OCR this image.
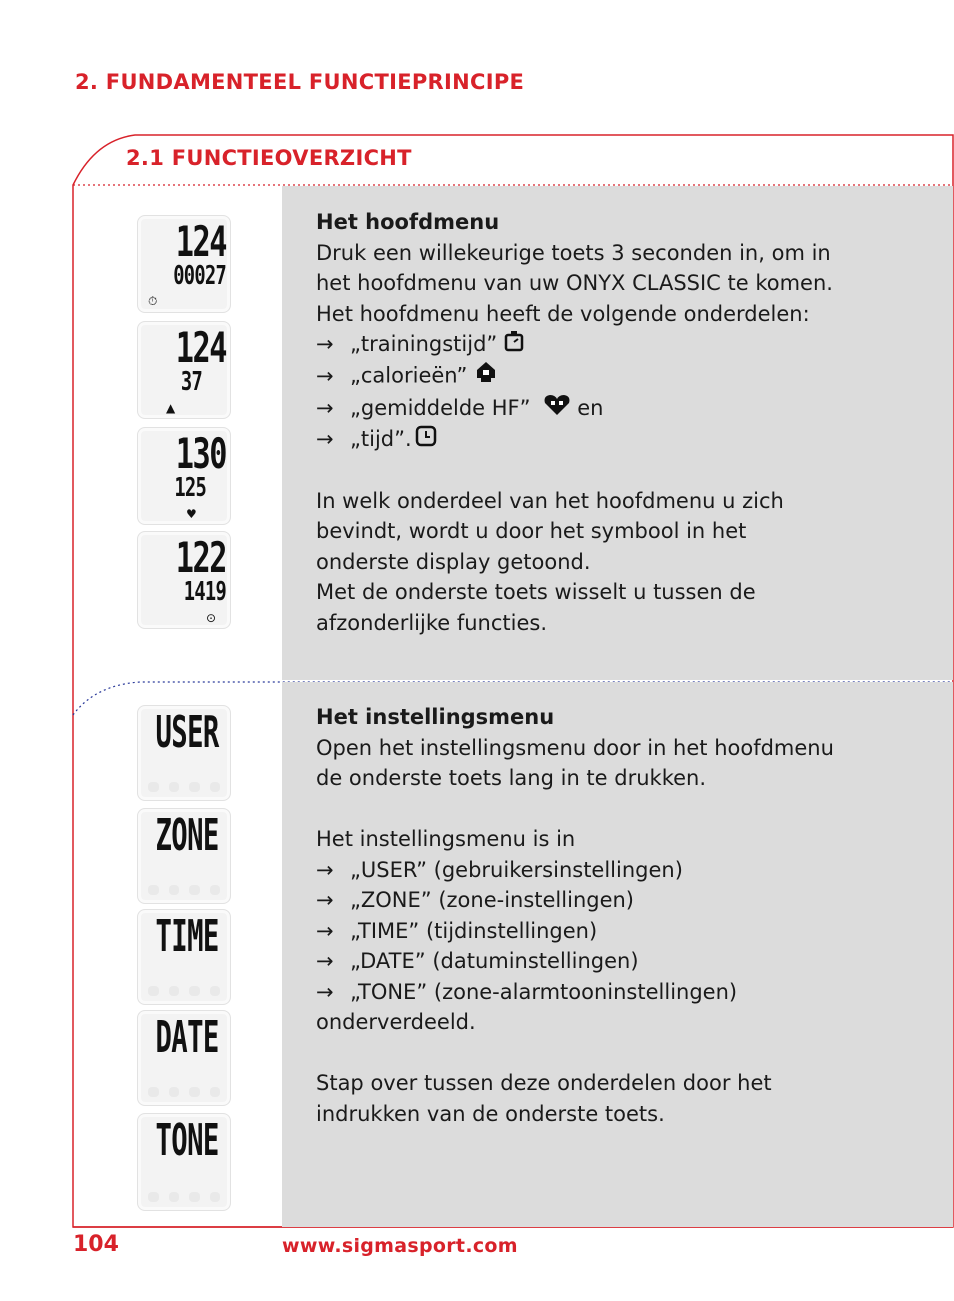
2. FUNDAMENTEEL FUNCTIEPRINCIPE
2.1 FUNCTIEOVERZICHT
124
00027
⏱
124
37
▲
130
125
♥
122
1419
⊙

Het hoofdmenu

Druk een willekeurige toets 3 seconden in, om in

het hoofdmenu van uw ONYX CLASSIC te komen.

Het hoofdmenu heeft de volgende onderdelen:

→ „trainingstijd”

→ „calorieën”

→ „gemiddelde HF” en

→ „tijd”.

In welk onderdeel van het hoofdmenu u zich

bevindt, wordt u door het symbool in het

onderste display getoond.

Met de onderste toets wisselt u tussen de

afzonderlijke functies.

USER
ZONE
TIME
DATE
TONE

Het instellingsmenu

Open het instellingsmenu door in het hoofdmenu

de onderste toets lang in te drukken.

Het instellingsmenu is in

→ „USER” (gebruikersinstellingen)

→ „ZONE” (zone-instellingen)

→ „TIME” (tijdinstellingen)

→ „DATE” (datuminstellingen)

→ „TONE” (zone-alarmtooninstellingen)

onderverdeeld.

Stap over tussen deze onderdelen door het

indrukken van de onderste toets.

104	www.sigmasport.com
